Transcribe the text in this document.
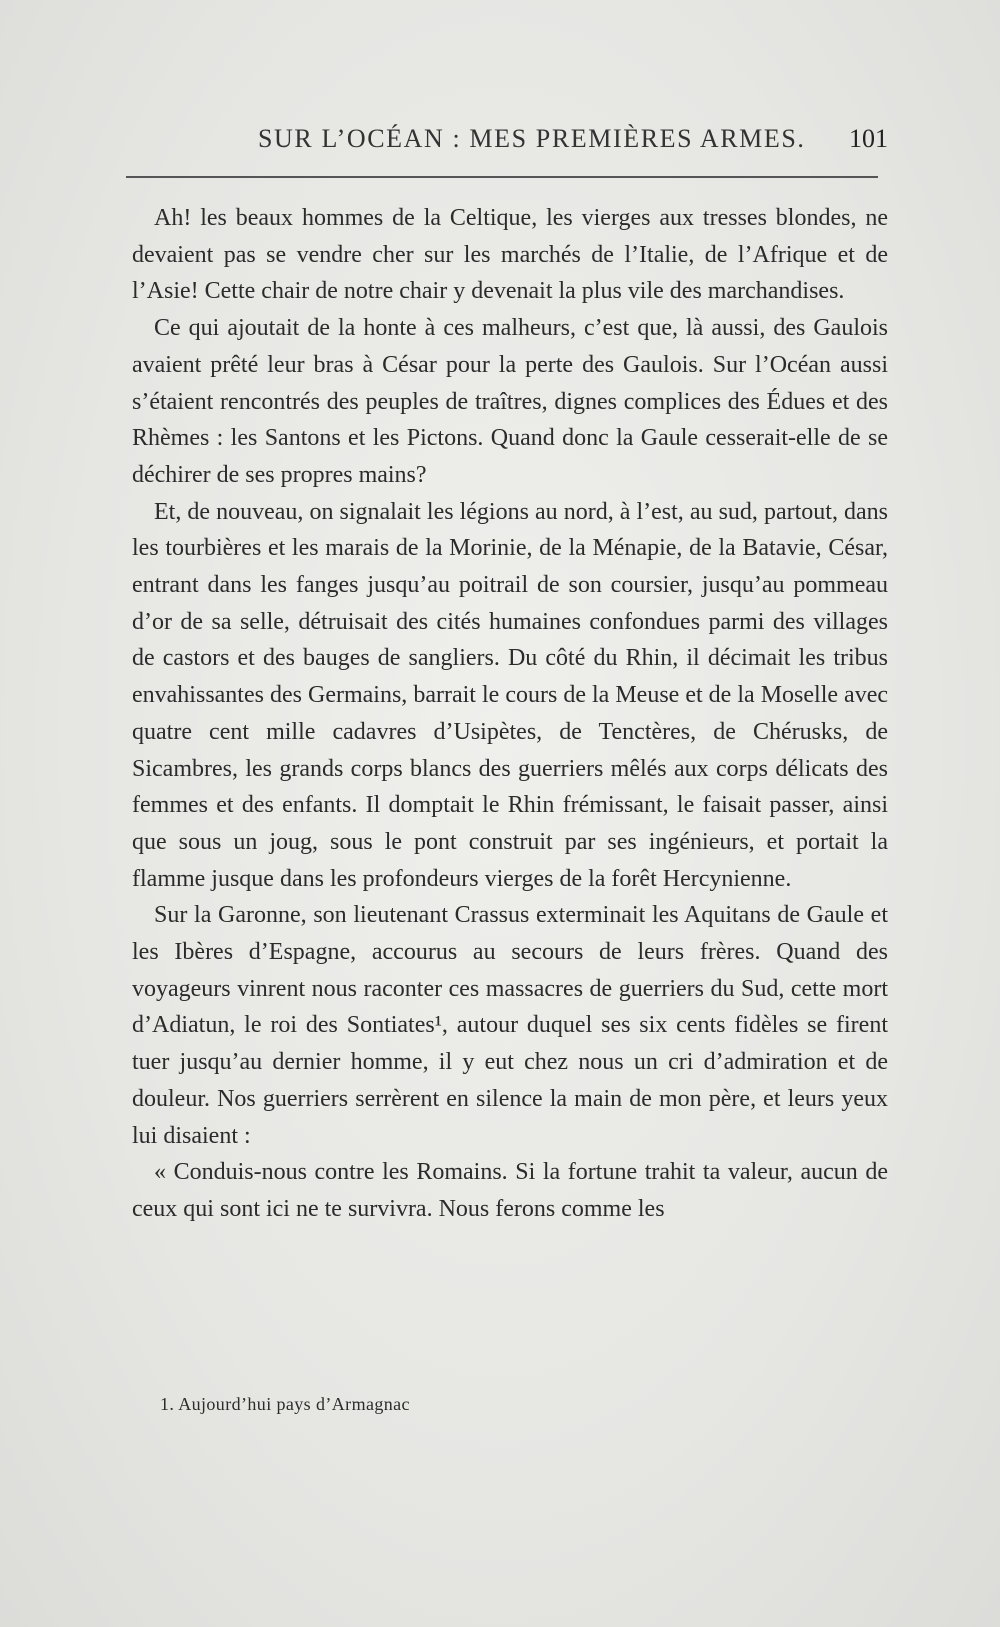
SUR L’OCÉAN : MES PREMIÈRES ARMES. 101

Ah! les beaux hommes de la Celtique, les vierges aux tresses blondes, ne devaient pas se vendre cher sur les marchés de l’Italie, de l’Afrique et de l’Asie! Cette chair de notre chair y devenait la plus vile des marchandises.

Ce qui ajoutait de la honte à ces malheurs, c’est que, là aussi, des Gaulois avaient prêté leur bras à César pour la perte des Gaulois. Sur l’Océan aussi s’étaient rencontrés des peuples de traîtres, dignes complices des Édues et des Rhèmes : les Santons et les Pictons. Quand donc la Gaule cesserait-elle de se déchirer de ses propres mains?

Et, de nouveau, on signalait les légions au nord, à l’est, au sud, partout, dans les tourbières et les marais de la Morinie, de la Ménapie, de la Batavie, César, entrant dans les fanges jusqu’au poitrail de son coursier, jusqu’au pommeau d’or de sa selle, détruisait des cités humaines confondues parmi des villages de castors et des bauges de sangliers. Du côté du Rhin, il décimait les tribus envahissantes des Germains, barrait le cours de la Meuse et de la Moselle avec quatre cent mille cadavres d’Usipètes, de Tenctères, de Chérusks, de Sicambres, les grands corps blancs des guerriers mêlés aux corps délicats des femmes et des enfants. Il domptait le Rhin frémissant, le faisait passer, ainsi que sous un joug, sous le pont construit par ses ingénieurs, et portait la flamme jusque dans les profondeurs vierges de la forêt Hercynienne.

Sur la Garonne, son lieutenant Crassus exterminait les Aquitans de Gaule et les Ibères d’Espagne, accourus au secours de leurs frères. Quand des voyageurs vinrent nous raconter ces massacres de guerriers du Sud, cette mort d’Adiatun, le roi des Sontiates¹, autour duquel ses six cents fidèles se firent tuer jusqu’au dernier homme, il y eut chez nous un cri d’admiration et de douleur. Nos guerriers serrèrent en silence la main de mon père, et leurs yeux lui disaient :

« Conduis-nous contre les Romains. Si la fortune trahit ta valeur, aucun de ceux qui sont ici ne te survivra. Nous ferons comme les

1. Aujourd’hui pays d’Armagnac
